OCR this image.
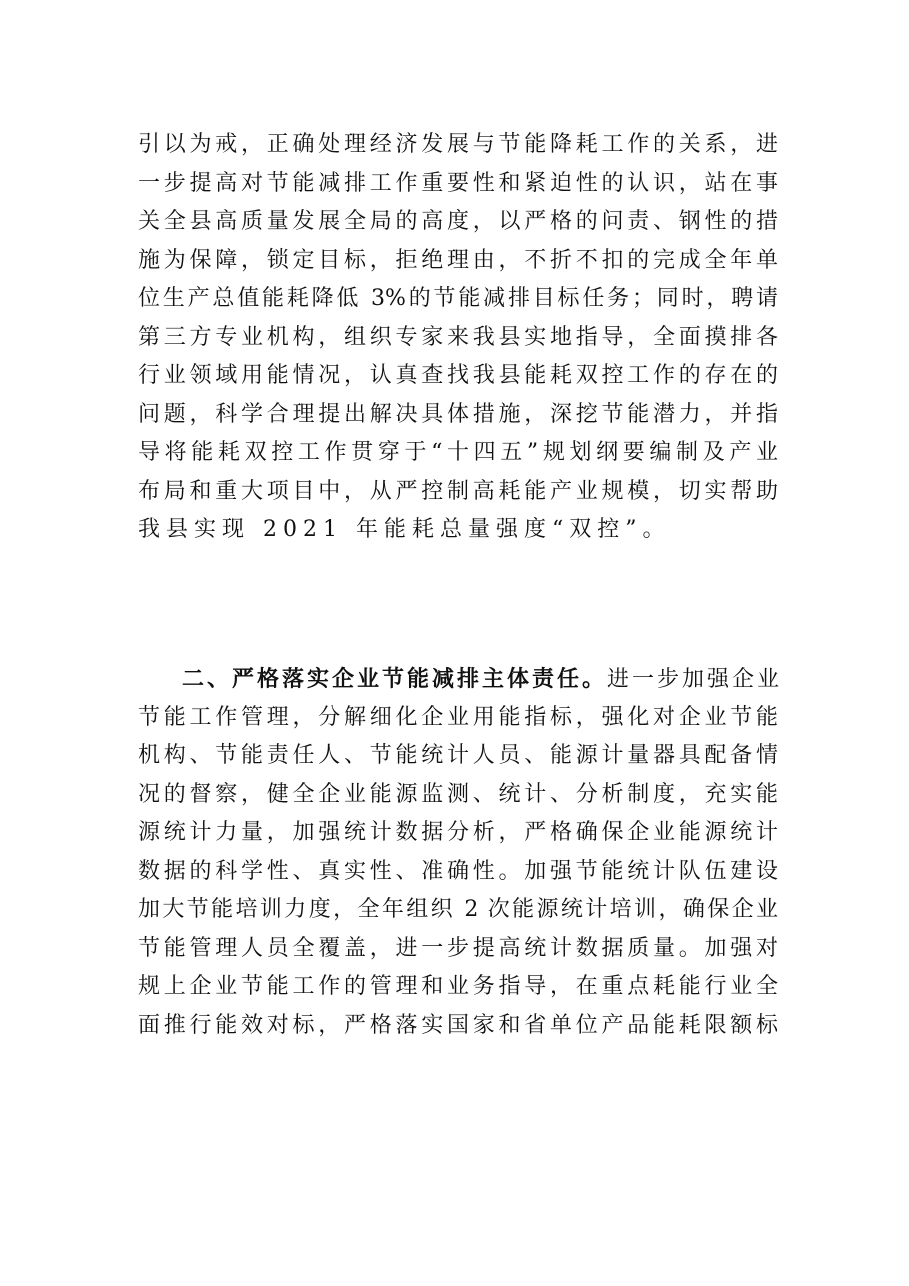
引以为戒，正确处理经济发展与节能降耗工作的关系，进
一步提高对节能减排工作重要性和紧迫性的认识，站在事
关全县高质量发展全局的高度，以严格的问责、钢性的措
施为保障，锁定目标，拒绝理由，不折不扣的完成全年单
位生产总值能耗降低 3%的节能减排目标任务；同时，聘请
第三方专业机构，组织专家来我县实地指导，全面摸排各
行业领域用能情况，认真查找我县能耗双控工作的存在的
问题，科学合理提出解决具体措施，深挖节能潜力，并指
导将能耗双控工作贯穿于“十四五”规划纲要编制及产业
布局和重大项目中，从严控制高耗能产业规模，切实帮助
我县实现 2021 年能耗总量强度“双控”。
二、严格落实企业节能减排主体责任。进一步加强企业
节能工作管理，分解细化企业用能指标，强化对企业节能
机构、节能责任人、节能统计人员、能源计量器具配备情
况的督察，健全企业能源监测、统计、分析制度，充实能
源统计力量，加强统计数据分析，严格确保企业能源统计
数据的科学性、真实性、准确性。加强节能统计队伍建设
加大节能培训力度，全年组织 2 次能源统计培训，确保企业
节能管理人员全覆盖，进一步提高统计数据质量。加强对
规上企业节能工作的管理和业务指导，在重点耗能行业全
面推行能效对标，严格落实国家和省单位产品能耗限额标
